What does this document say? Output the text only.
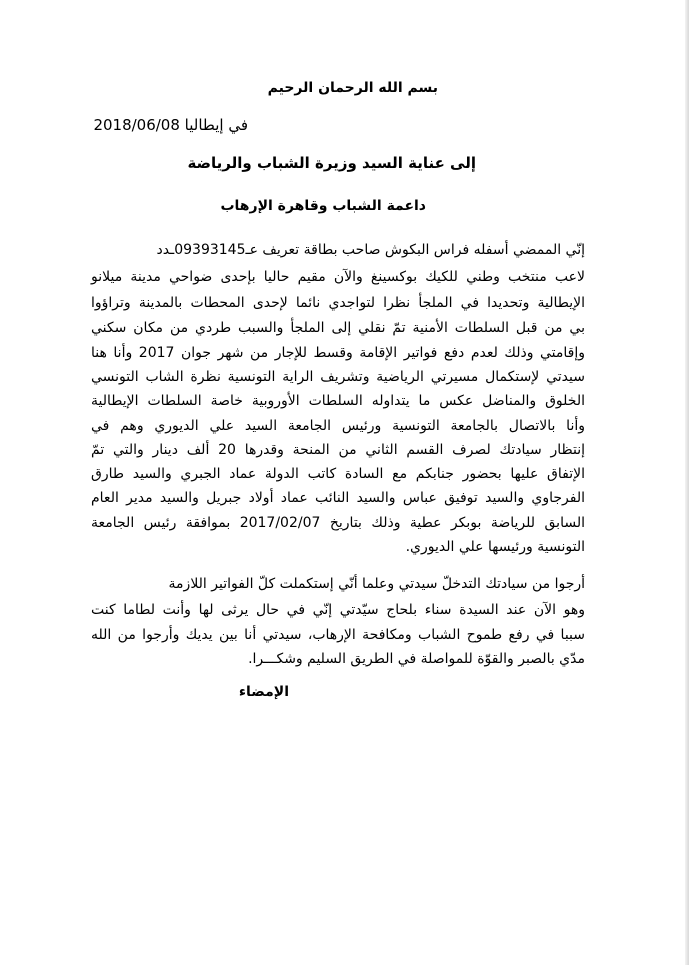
بسم الله الرحمان الرحيم
في إيطاليا 2018/06/08
إلى عناية السيد وزيرة الشباب والرياضة
داعمة الشباب وقاهرة الإرهاب
إنّي الممضي أسفله فراس البكوش صاحب بطاقة تعريف عـ09393145ـدد
لاعب منتخب وطني للكيك بوكسينغ والآن مقيم حاليا بإحدى ضواحي مدينة ميلانو
الإيطالية وتحديدا في الملجأ نظرا لتواجدي نائما لإحدى المحطات بالمدينة وتراؤوا
بي من قبل السلطات الأمنية تمّ نقلي إلى الملجأ والسبب طردي من مكان سكني
وإقامتي وذلك لعدم دفع فواتير الإقامة وقسط للإجار من شهر جوان 2017 وأنا هنا
سيدتي لإستكمال مسيرتي الرياضية وتشريف الراية التونسية نظرة الشاب التونسي
الخلوق والمناضل عكس ما يتداوله السلطات الأوروبية خاصة السلطات الإيطالية
وأنا بالاتصال بالجامعة التونسية ورئيس الجامعة السيد علي الديوري وهم في
إنتظار سيادتك لصرف القسم الثاني من المنحة وقدرها 20 ألف دينار والتي تمّ
الإتفاق عليها بحضور جنابكم مع السادة كاتب الدولة عماد الجبري والسيد طارق
الفرجاوي والسيد توفيق عباس والسيد النائب عماد أولاد جبريل والسيد مدير العام
السابق للرياضة بوبكر عطية وذلك بتاريخ 2017/02/07 بموافقة رئيس الجامعة
التونسية ورئيسها علي الديوري.
أرجوا من سيادتك التدخلّ سيدتي وعلما أنّي إستكملت كلّ الفواتير اللازمة
وهو الآن عند السيدة سناء بلحاج سيّدتي إنّي في حال يرثى لها وأنت لطاما كنت
سببا في رفع طموح الشباب ومكافحة الإرهاب، سيدتي أنا بين يديك وأرجوا من الله
مدّي بالصبر والقوّة للمواصلة في الطريق السليم وشكـــرا.
الإمضاء
